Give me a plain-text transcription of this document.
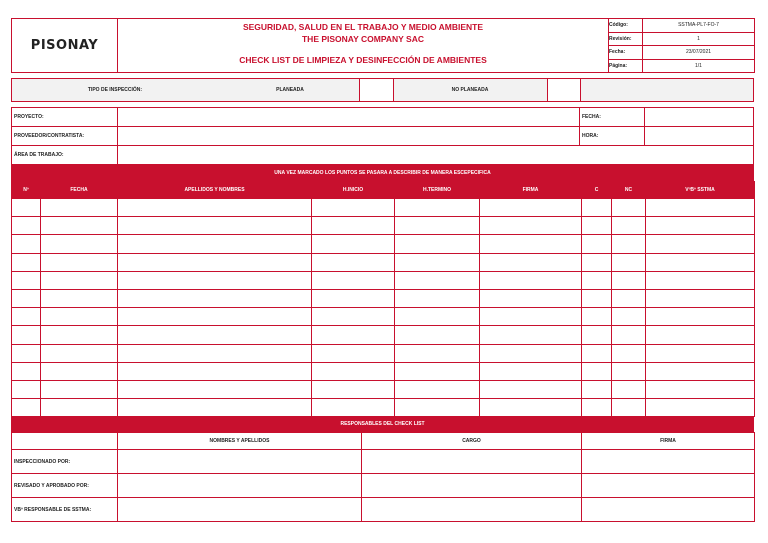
PISONAY
SEGURIDAD, SALUD EN EL TRABAJO Y MEDIO AMBIENTE
THE PISONAY COMPANY SAC
CHECK LIST DE LIMPIEZA Y DESINFECCIÓN DE AMBIENTES
Código:	SSTMA-PL7-FO-7
Revisión:	1
Fecha:	23/07/2021
Página:	1/1
TIPO DE INSPECCIÓN:	PLANEADA	NO PLANEADA
PROYECTO:	FECHA:
PROVEEDOR/CONTRATISTA:	HORA:
ÁREA DE TRABAJO:
UNA VEZ MARCADO LOS PUNTOS SE PASARA A DESCRIBIR DE MANERA ESCEPECIFICA
Nº	FECHA	APELLIDOS Y NOMBRES	H.INICIO	H.TERMINO	FIRMA	C	NC	VºBº SSTMA

RESPONSABLES DEL CHECK LIST
	NOMBRES Y APELLIDOS	CARGO	FIRMA
INSPECCIONADO POR:			
REVISADO Y APROBADO POR:			
VBº RESPONSABLE DE SSTMA:			
